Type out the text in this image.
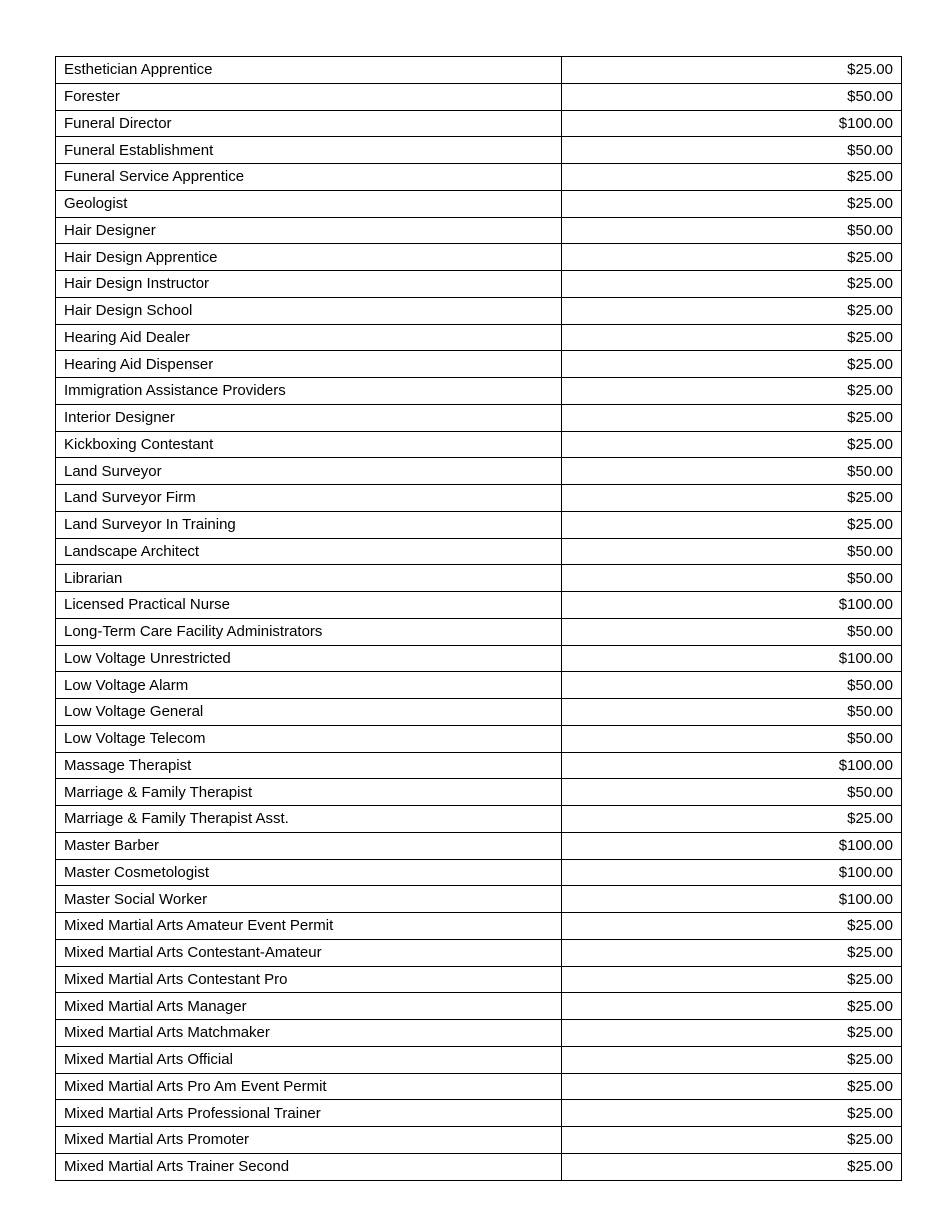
Esthetician Apprentice	$25.00
Forester	$50.00
Funeral Director	$100.00
Funeral Establishment	$50.00
Funeral Service Apprentice	$25.00
Geologist	$25.00
Hair Designer	$50.00
Hair Design Apprentice	$25.00
Hair Design Instructor	$25.00
Hair Design School	$25.00
Hearing Aid Dealer	$25.00
Hearing Aid Dispenser	$25.00
Immigration Assistance Providers	$25.00
Interior Designer	$25.00
Kickboxing Contestant	$25.00
Land Surveyor	$50.00
Land Surveyor Firm	$25.00
Land Surveyor In Training	$25.00
Landscape Architect	$50.00
Librarian	$50.00
Licensed Practical Nurse	$100.00
Long-Term Care Facility Administrators	$50.00
Low Voltage Unrestricted	$100.00
Low Voltage Alarm	$50.00
Low Voltage General	$50.00
Low Voltage Telecom	$50.00
Massage Therapist	$100.00
Marriage & Family Therapist	$50.00
Marriage & Family Therapist Asst.	$25.00
Master Barber	$100.00
Master Cosmetologist	$100.00
Master Social Worker	$100.00
Mixed Martial Arts Amateur Event Permit	$25.00
Mixed Martial Arts Contestant-Amateur	$25.00
Mixed Martial Arts Contestant Pro	$25.00
Mixed Martial Arts Manager	$25.00
Mixed Martial Arts Matchmaker	$25.00
Mixed Martial Arts Official	$25.00
Mixed Martial Arts Pro Am Event Permit	$25.00
Mixed Martial Arts Professional Trainer	$25.00
Mixed Martial Arts Promoter	$25.00
Mixed Martial Arts Trainer Second	$25.00
